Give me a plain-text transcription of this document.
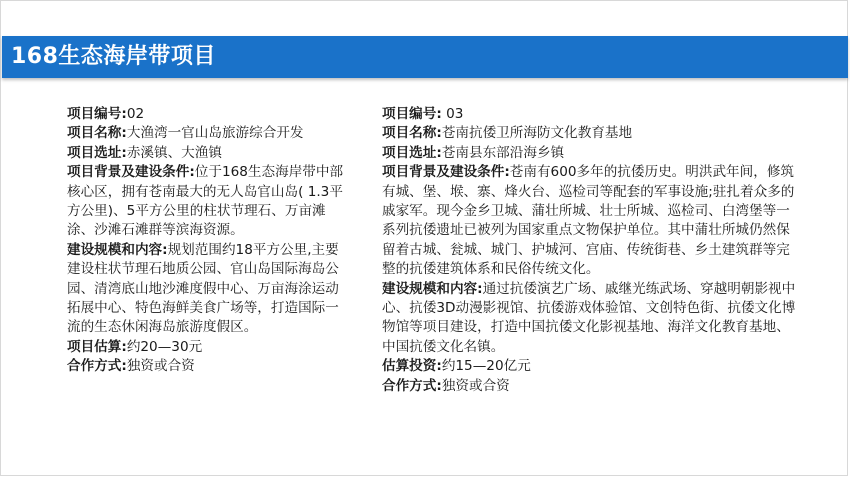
168生态海岸带项目

项目编号:02

项目名称:大渔湾一官山岛旅游综合开发

项目选址:赤溪镇、大渔镇

项目背景及建设条件:位于168生态海岸带中部核心区，拥有苍南最大的无人岛官山岛( 1.3平方公里)、5平方公里的柱状节理石、万亩滩涂、沙滩石滩群等滨海资源。

建设规模和内容:规划范围约18平方公里,主要建设柱状节理石地质公园、官山岛国际海岛公园、清湾底山地沙滩度假中心、万亩海涂运动拓展中心、特色海鲜美食广场等，打造国际一流的生态休闲海岛旅游度假区。

项目估算:约20—30元

合作方式:独资或合资

项目编号: 03

项目名称:苍南抗倭卫所海防文化教育基地

项目选址:苍南县东部沿海乡镇

项目背景及建设条件:苍南有600多年的抗倭历史。明洪武年间，修筑有城、堡、堠、寨、烽火台、巡检司等配套的军事设施;驻扎着众多的戚家军。现今金乡卫城、蒲壮所城、壮士所城、巡检司、白湾堡等一系列抗倭遗址已被列为国家重点文物保护单位。其中蒲壮所城仍然保留着古城、瓮城、城门、护城河、宫庙、传统街巷、乡土建筑群等完整的抗倭建筑体系和民俗传统文化。

建设规模和内容:通过抗倭演艺广场、戚继光练武场、穿越明朝影视中心、抗倭3D动漫影视馆、抗倭游戏体验馆、文创特色街、抗倭文化博物馆等项目建设，打造中国抗倭文化影视基地、海洋文化教育基地、中国抗倭文化名镇。

估算投资:约15—20亿元

合作方式:独资或合资
